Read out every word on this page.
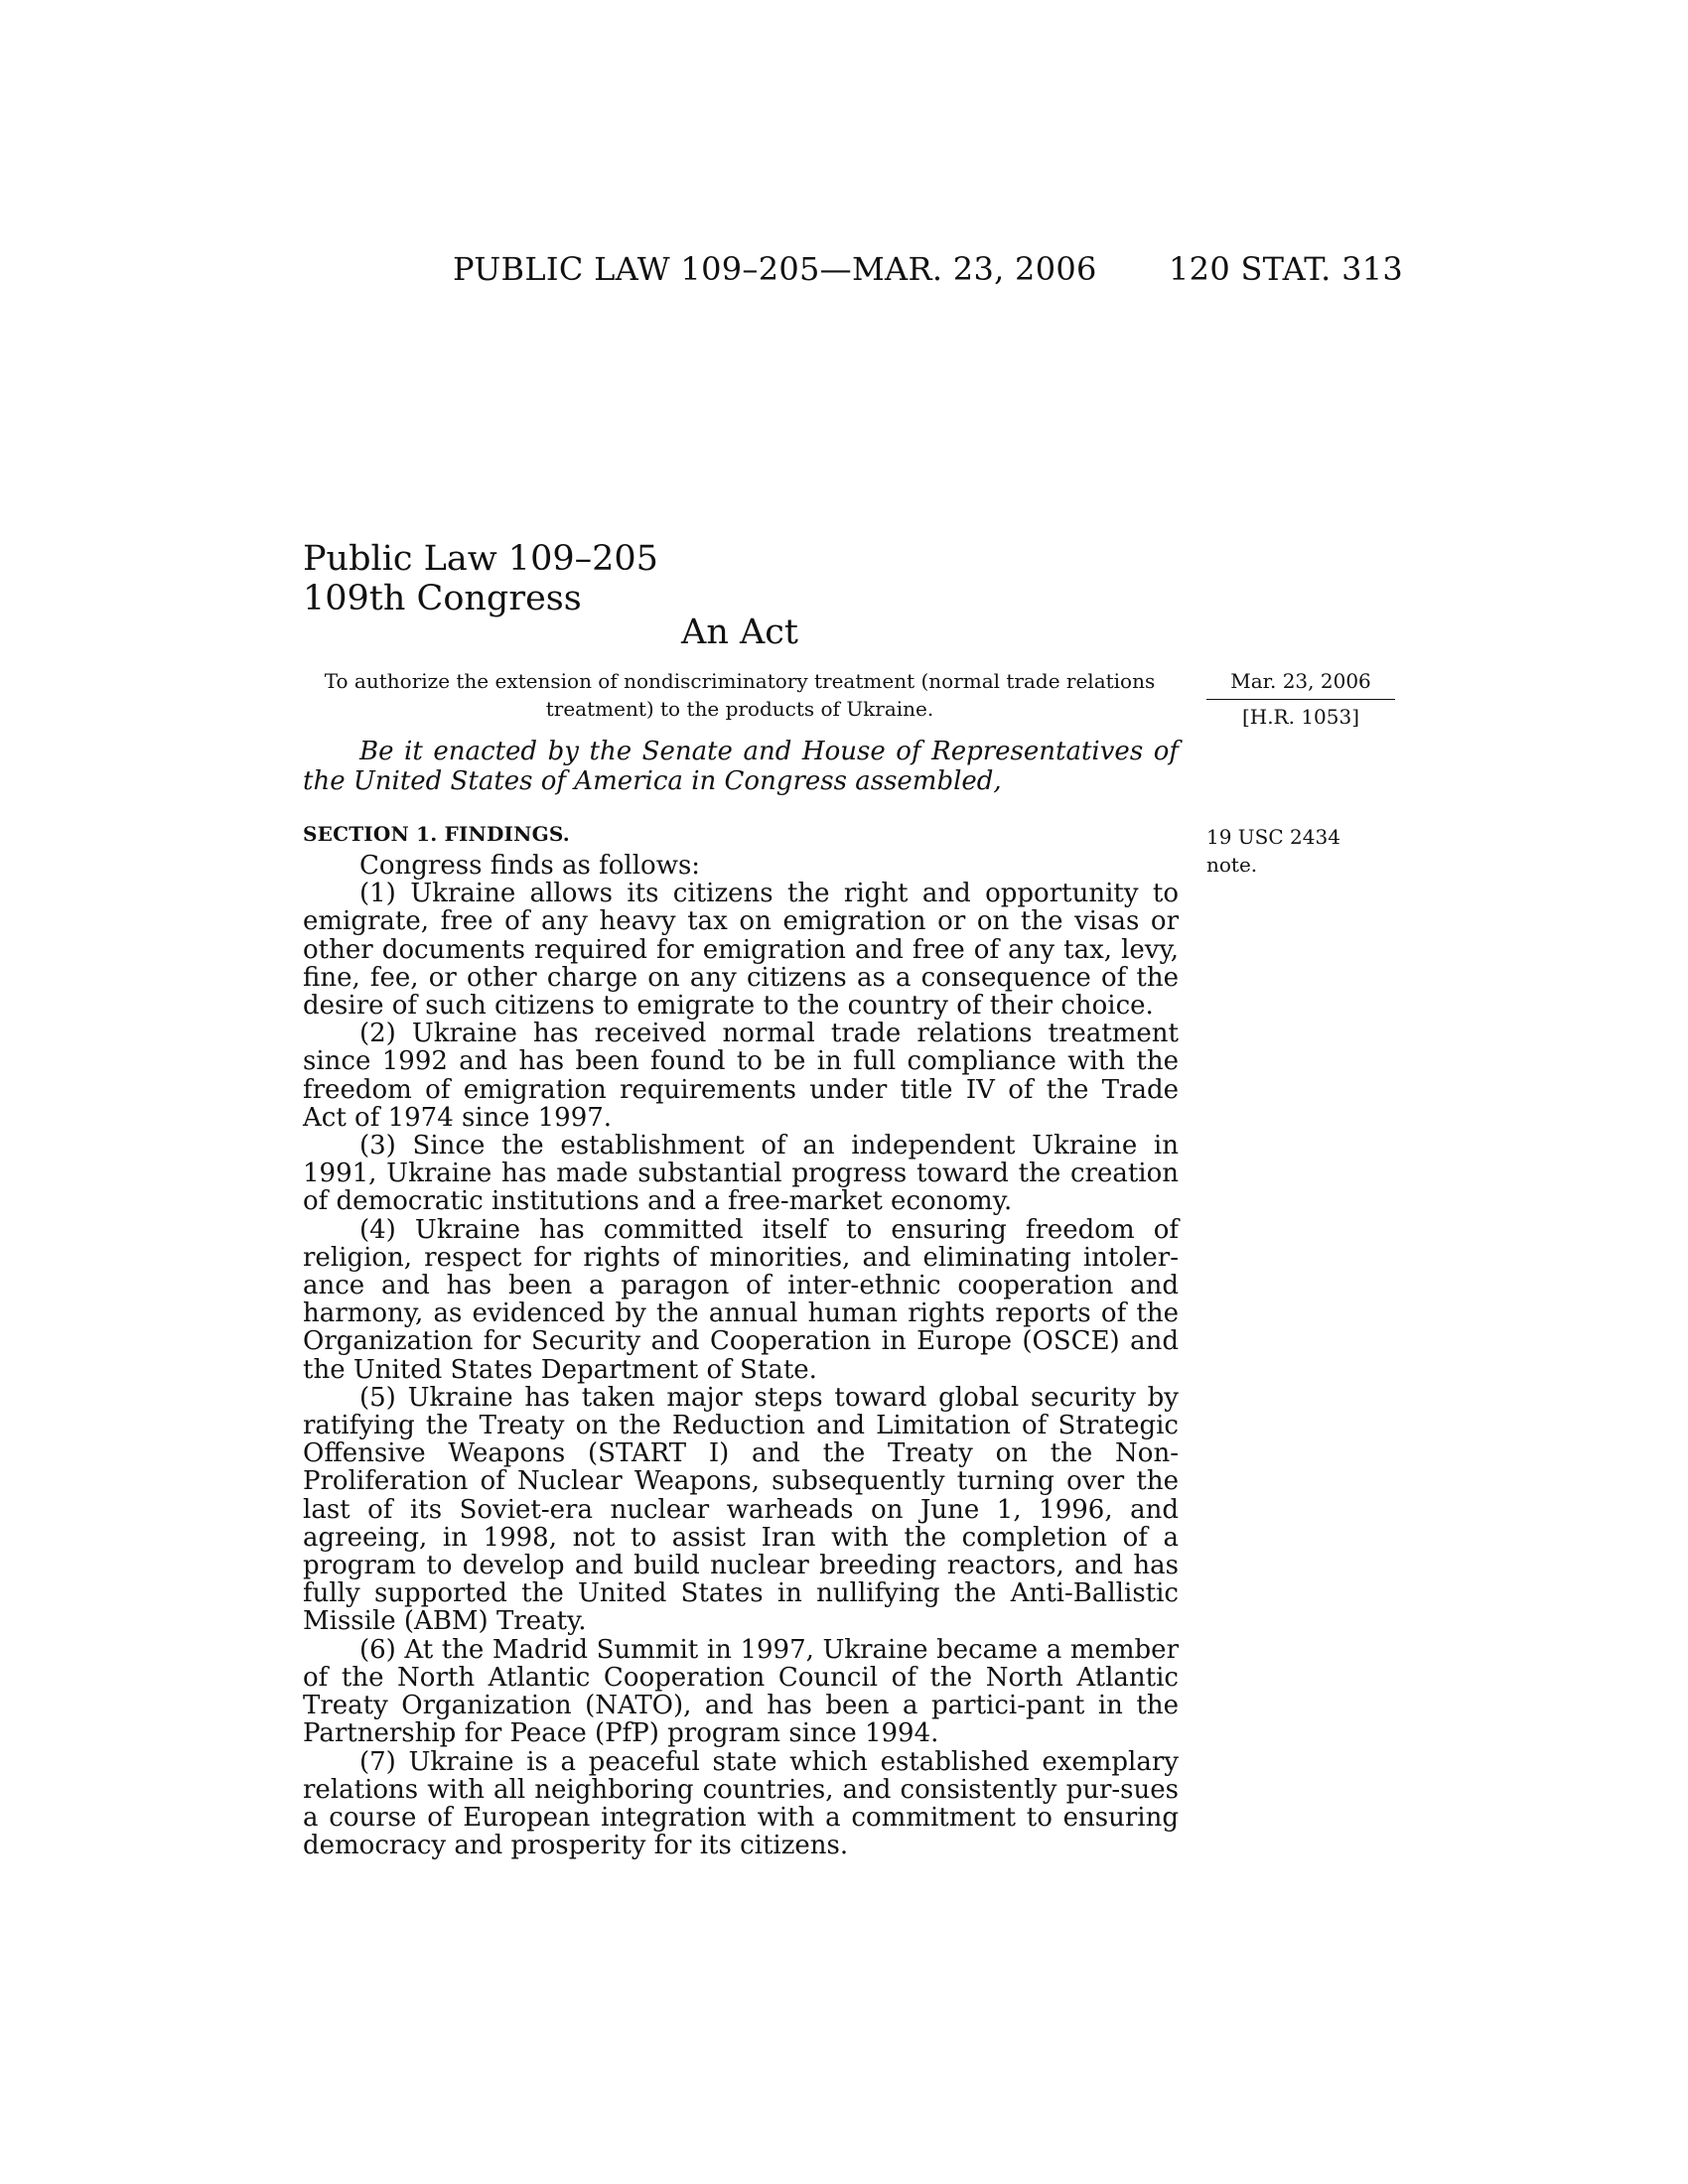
PUBLIC LAW 109–205—MAR. 23, 2006 120 STAT. 313
Public Law 109–205
109th Congress
An Act
To authorize the extension of nondiscriminatory treatment (normal trade relations treatment) to the products of Ukraine.
Mar. 23, 2006
[H.R. 1053]
Be it enacted by the Senate and House of Representatives of the United States of America in Congress assembled,
SECTION 1. FINDINGS.	19 USC 2434 note.

Congress finds as follows:

(1) Ukraine allows its citizens the right and opportunity to emigrate, free of any heavy tax on emigration or on the visas or other documents required for emigration and free of any tax, levy, fine, fee, or other charge on any citizens as a consequence of the desire of such citizens to emigrate to the country of their choice.

(2) Ukraine has received normal trade relations treatment since 1992 and has been found to be in full compliance with the freedom of emigration requirements under title IV of the Trade Act of 1974 since 1997.

(3) Since the establishment of an independent Ukraine in 1991, Ukraine has made substantial progress toward the creation of democratic institutions and a free-market economy.

(4) Ukraine has committed itself to ensuring freedom of religion, respect for rights of minorities, and eliminating intoler-ance and has been a paragon of inter-ethnic cooperation and harmony, as evidenced by the annual human rights reports of the Organization for Security and Cooperation in Europe (OSCE) and the United States Department of State.

(5) Ukraine has taken major steps toward global security by ratifying the Treaty on the Reduction and Limitation of Strategic Offensive Weapons (START I) and the Treaty on the Non-Proliferation of Nuclear Weapons, subsequently turning over the last of its Soviet-era nuclear warheads on June 1, 1996, and agreeing, in 1998, not to assist Iran with the completion of a program to develop and build nuclear breeding reactors, and has fully supported the United States in nullifying the Anti-Ballistic Missile (ABM) Treaty.

(6) At the Madrid Summit in 1997, Ukraine became a member of the North Atlantic Cooperation Council of the North Atlantic Treaty Organization (NATO), and has been a partici-pant in the Partnership for Peace (PfP) program since 1994.

(7) Ukraine is a peaceful state which established exemplary relations with all neighboring countries, and consistently pur-sues a course of European integration with a commitment to ensuring democracy and prosperity for its citizens.
